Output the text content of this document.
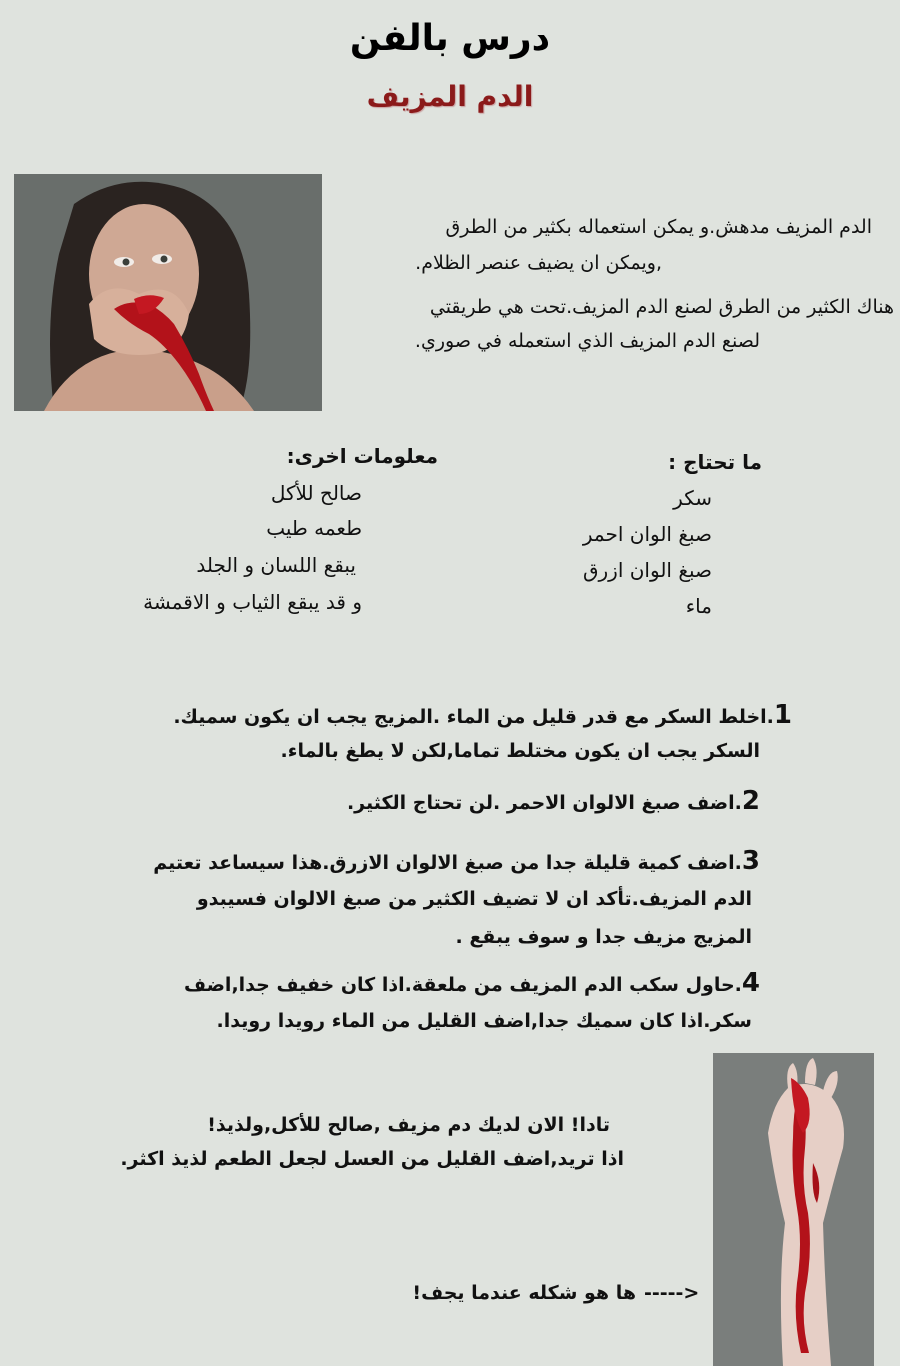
درس بالفن
الدم المزيف
الدم المزيف مدهش.و يمكن استعماله بكثير من الطرق
,ويمكن ان يضيف عنصر الظلام.
هناك الكثير من الطرق لصنع الدم المزيف.تحت هي طريقتي
لصنع الدم المزيف الذي استعمله في صوري.
ما تحتاج :
سكر
صبغ الوان احمر
صبغ الوان ازرق
ماء
معلومات اخرى:
صالح للأكل
طعمه طيب
يبقع اللسان و الجلد
و قد يبقع الثياب و الاقمشة
1.اخلط السكر مع قدر قليل من الماء .المزيج يجب ان يكون سميك.
السكر يجب ان يكون مختلط تماما,لكن لا يطغ بالماء.
2.اضف صبغ الالوان الاحمر .لن تحتاج الكثير.
3.اضف كمية قليلة جدا من صبغ الالوان الازرق.هذا سيساعد تعتيم
الدم المزيف.تأكد ان لا تضيف الكثير من صبغ الالوان فسيبدو
المزيج مزيف جدا و سوف يبقع .
4.حاول سكب الدم المزيف من ملعقة.اذا كان خفيف جدا,اضف
سكر.اذا كان سميك جدا,اضف القليل من الماء رويدا رويدا.
تادا! الان لديك دم مزيف ,صالح للأكل,ولذيذ!
اذا تريد,اضف القليل من العسل لجعل الطعم لذيذ اكثر.
ها هو شكله عندما يجف! ----->
